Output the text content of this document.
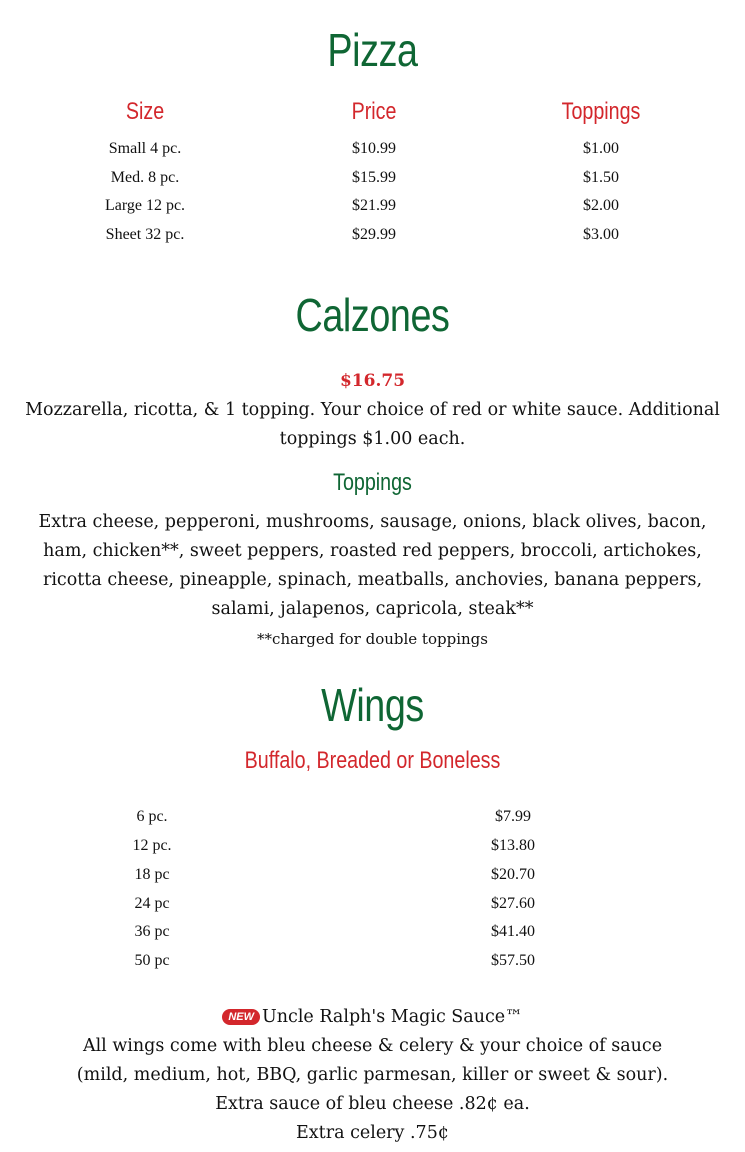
Pizza
Size	Price	Toppings
Small 4 pc.	$10.99	$1.00
Med. 8 pc.	$15.99	$1.50
Large 12 pc.	$21.99	$2.00
Sheet 32 pc.	$29.99	$3.00
Calzones
$16.75
Mozzarella, ricotta, & 1 topping. Your choice of red or white sauce. Additional
toppings $1.00 each.
Toppings
Extra cheese, pepperoni, mushrooms, sausage, onions, black olives, bacon,
ham, chicken**, sweet peppers, roasted red peppers, broccoli, artichokes,
ricotta cheese, pineapple, spinach, meatballs, anchovies, banana peppers,
salami, jalapenos, capricola, steak**
**charged for double toppings
Wings
Buffalo, Breaded or Boneless
6 pc.	$7.99
12 pc.	$13.80
18 pc	$20.70
24 pc	$27.60
36 pc	$41.40
50 pc	$57.50
NEW Uncle Ralph's Magic Sauce™
All wings come with bleu cheese & celery & your choice of sauce
(mild, medium, hot, BBQ, garlic parmesan, killer or sweet & sour).
Extra sauce of bleu cheese .82¢ ea.
Extra celery .75¢
